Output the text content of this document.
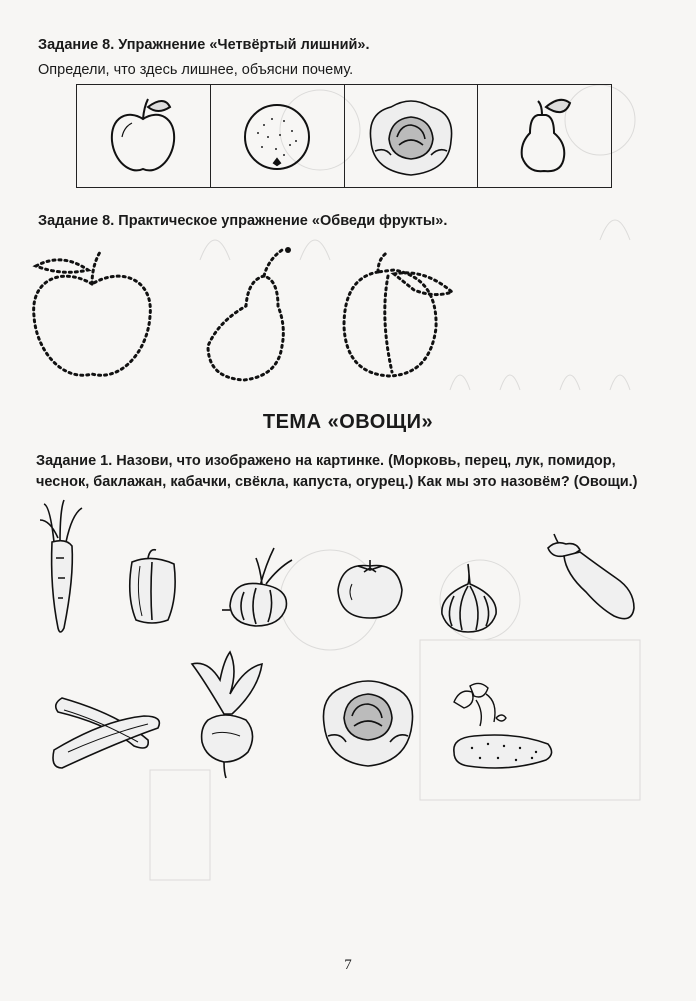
Задание 8. Упражнение «Четвёртый лишний».
Определи, что здесь лишнее, объясни почему.
Задание 8. Практическое упражнение «Обведи фрукты».
ТЕМА «ОВОЩИ»
Задание 1. Назови, что изображено на картинке. (Морковь, перец, лук, помидор, чеснок, баклажан, кабачки, свёкла, капуста, огурец.) Как мы это назовём? (Овощи.)
7
